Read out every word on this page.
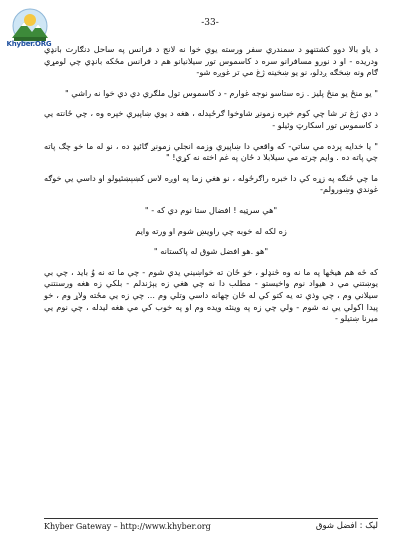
Khyber.ORG
-33-

د ياو بالا دوو کشتنهو د سمندري سفر ورسته يوي خوا نه لانج د فرانس په ساحل دنګارت بانډي ودريده - او د نورو مسافرانو سره د کاسموس تور سيلانيانو هم د فرانس مځکه بانډي چي لومړي ګام ونه ښخګه ږدلو، نو يو ښخينه ژغ مي تر غوږه شو-

" يو منځ يو منځ پليز . زه ستاسو نوجه غوارم - د کاسموس تول ملګري دي دي خوا نه راشي "

د دي ژغ تر شا چي کوم خپره زمونږ شاوخوا ګرځېدله ، هغه د يوي ښاپيري خپره وه ، چي ځانته يي د کاسموس تور اسکارټ وئيلو -

" يا خدايه پرده مي ساتي- که واقعي دا ښاپيري وزمه انجلي زمونږ ګائيډ ده ، نو له ما خو چګ پاته چي پاته ده . وايم چرته مي سيلابلا د ځان په غم اخته نه کړي! "

ما چي ځنګه په زړه کي دا خبره راګرځوله ، نو هغي زما په اوږه لاس کښېښئيولو او داسي يي خوګه غوندي وښورولم-

"هي سرټيه ! افضال ستا نوم دي که - "

زه لکه له خوبه چي راويښ شوم او ورته وايم

"هو .هو افضل شوق له پاکستانه "

که څه هم هيڅها په ما نه وه څنډلو ، خو ځان ته خواښيني يدي شوم - چي ما ته نه وُ بايد ، چي بي يوښتني مي د هيواد نوم واخيستو - مطلب دا نه چي هغي زه يېژندلم - بلکي زه هغه ورسنتني سيلاني وم ، چي وذي ته يه کتو کي له ځان چهانه داسي وتلي وم ... چي زه يي مځته ولاړ وم ، خو پيدا اکولي يي نه شوم - ولي چي زه په وينئه ويده وم او په خوب کي مي هغه ليدله ، چي نوم يي ميرنا ښتيلو -

Khyber Gateway – http://www.khyber.org	ليک : افضل شوق
